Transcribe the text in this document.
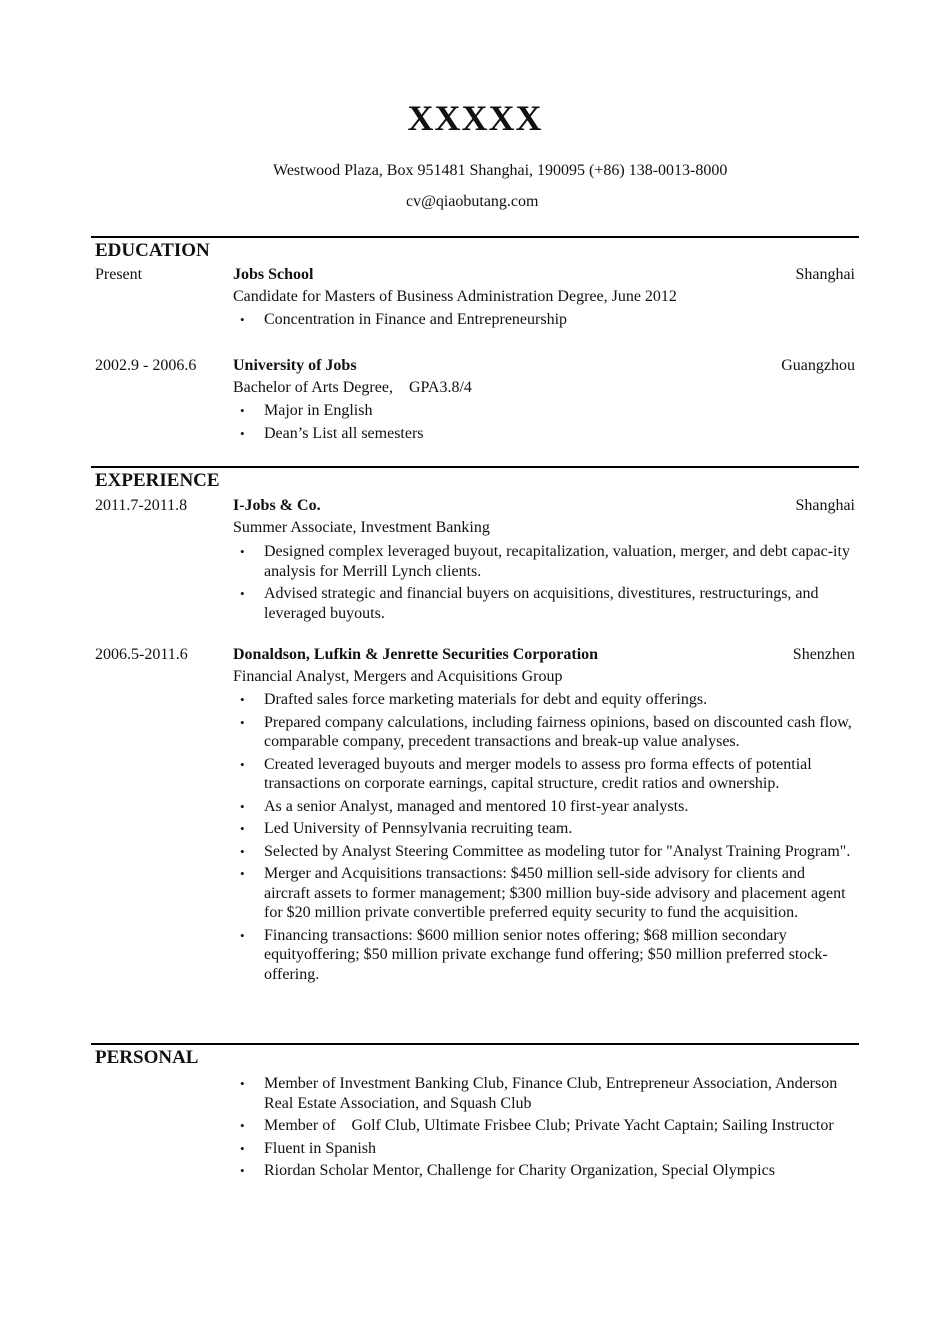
XXXXX
Westwood Plaza, Box 951481 Shanghai, 190095 (+86) 138-0013-8000
cv@qiaobutang.com
EDUCATION
Present	Jobs School	Shanghai
Candidate for Masters of Business Administration Degree, June 2012
• Concentration in Finance and Entrepreneurship
2002.9 - 2006.6 University of Jobs	Guangzhou
Bachelor of Arts Degree,    GPA3.8/4
• Major in English
• Dean’s List all semesters
EXPERIENCE
2011.7-2011.8	I-Jobs & Co.	Shanghai
Summer Associate, Investment Banking
• Designed complex leveraged buyout, recapitalization, valuation, merger, and debt capac-ity analysis for Merrill Lynch clients.
• Advised strategic and financial buyers on acquisitions, divestitures, restructurings, and leveraged buyouts.
2006.5-2011.6	Donaldson, Lufkin & Jenrette Securities Corporation	Shenzhen
Financial Analyst, Mergers and Acquisitions Group
• Drafted sales force marketing materials for debt and equity offerings.
• Prepared company calculations, including fairness opinions, based on discounted cash flow, comparable company, precedent transactions and break-up value analyses.
• Created leveraged buyouts and merger models to assess pro forma effects of potential transactions on corporate earnings, capital structure, credit ratios and ownership.
• As a senior Analyst, managed and mentored 10 first-year analysts.
• Led University of Pennsylvania recruiting team.
• Selected by Analyst Steering Committee as modeling tutor for "Analyst Training Program".
• Merger and Acquisitions transactions: $450 million sell-side advisory for clients and aircraft assets to former management; $300 million buy-side advisory and placement agent for $20 million private convertible preferred equity security to fund the acquisition.
• Financing transactions: $600 million senior notes offering; $68 million secondary equityoffering; $50 million private exchange fund offering; $50 million preferred stock-offering.
PERSONAL
• Member of Investment Banking Club, Finance Club, Entrepreneur Association, Anderson Real Estate Association, and Squash Club
• Member of    Golf Club, Ultimate Frisbee Club; Private Yacht Captain; Sailing Instructor
• Fluent in Spanish
• Riordan Scholar Mentor, Challenge for Charity Organization, Special Olympics
